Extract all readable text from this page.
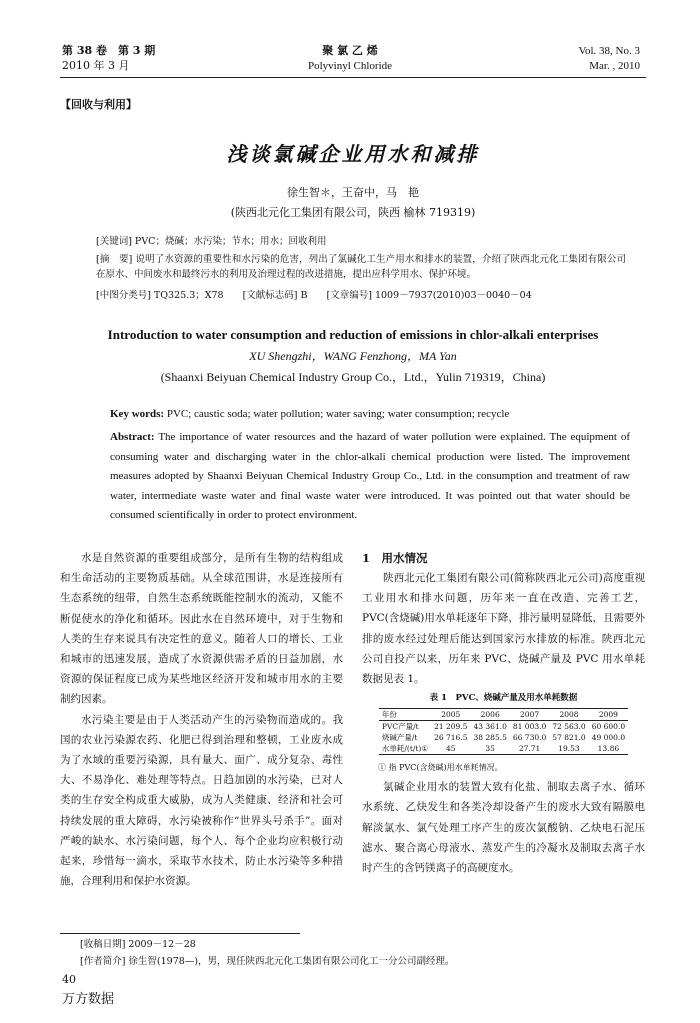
第 38 卷　第 3 期
2010 年 3 月
聚 氯 乙 烯
Polyvinyl Chloride
Vol. 38, No. 3
Mar. , 2010
【回收与利用】
浅谈氯碱企业用水和减排
徐生智＊，王奋中，马　艳
(陕西北元化工集团有限公司，陕西 榆林 719319)
[关键词] PVC；烧碱；水污染；节水；用水；回收利用
[摘　要] 说明了水资源的重要性和水污染的危害，列出了氯碱化工生产用水和排水的装置，介绍了陕西北元化工集团有限公司在原水、中间废水和最终污水的利用及治理过程的改进措施，提出应科学用水、保护环境。
[中图分类号] TQ325.3；X78　　[文献标志码] B　　[文章编号] 1009－7937(2010)03－0040－04
Introduction to water consumption and reduction of emissions in chlor-alkali enterprises
XU Shengzhi，WANG Fenzhong，MA Yan
(Shaanxi Beiyuan Chemical Industry Group Co.，Ltd.，Yulin 719319，China)
Key words: PVC; caustic soda; water pollution; water saving; water consumption; recycle
Abstract: The importance of water resources and the hazard of water pollution were explained. The equipment of consuming water and discharging water in the chlor-alkali chemical production were listed. The improvement measures adopted by Shaanxi Beiyuan Chemical Industry Group Co., Ltd. in the consumption and treatment of raw water, intermediate waste water and final waste water were introduced. It was pointed out that water should be consumed scientifically in order to protect environment.

水是自然资源的重要组成部分，是所有生物的结构组成和生命活动的主要物质基础。从全球范围讲，水是连接所有生态系统的纽带，自然生态系统既能控制水的流动，又能不断促使水的净化和循环。因此水在自然环境中，对于生物和人类的生存来说具有决定性的意义。随着人口的增长、工业和城市的迅速发展，造成了水资源供需矛盾的日益加剧，水资源的保证程度已成为某些地区经济开发和城市用水的主要制约因素。

水污染主要是由于人类活动产生的污染物而造成的。我国的农业污染源农药、化肥已得到治理和整顿，工业废水成为了水域的重要污染源，具有量大、面广、成分复杂、毒性大、不易净化、难处理等特点。日趋加剧的水污染，已对人类的生存安全构成重大威胁，成为人类健康、经济和社会可持续发展的重大障碍，水污染被称作“世界头号杀手”。面对严峻的缺水、水污染问题，每个人、每个企业均应积极行动起来，珍惜每一滴水，采取节水技术，防止水污染等多种措施，合理利用和保护水资源。

1　用水情况

陕西北元化工集团有限公司(简称陕西北元公司)高度重视工业用水和排水问题，历年来一直在改造、完善工艺，PVC(含烧碱)用水单耗逐年下降，排污量明显降低，且需要外排的废水经过处理后能达到国家污水排放的标准。陕西北元公司自投产以来，历年来 PVC、烧碱产量及 PVC 用水单耗数据见表 1。

表 1　PVC、烧碱产量及用水单耗数据
年份	2005	2006	2007	2008	2009
PVC产量/t	21 209.5	43 361.0	81 003.0	72 563.0	60 600.0
烧碱产量/t	26 716.5	38 285.5	66 730.0	57 821.0	49 000.0
水单耗/(t/t)①	45	35	27.71	19.53	13.86
① 指 PVC(含烧碱)用水单耗情况。

氯碱企业用水的装置大致有化盐、制取去离子水、循环水系统、乙炔发生和各类冷却设备产生的废水大致有隔膜电解淡氯水、氯气处理工序产生的废次氯酸钠、乙炔电石泥压滤水、聚合离心母液水、蒸发产生的冷凝水及制取去离子水时产生的含钙镁离子的高硬度水。

[收稿日期] 2009－12－28
[作者简介] 徐生智(1978—)，男，现任陕西北元化工集团有限公司化工一分公司副经理。
40
万方数据
